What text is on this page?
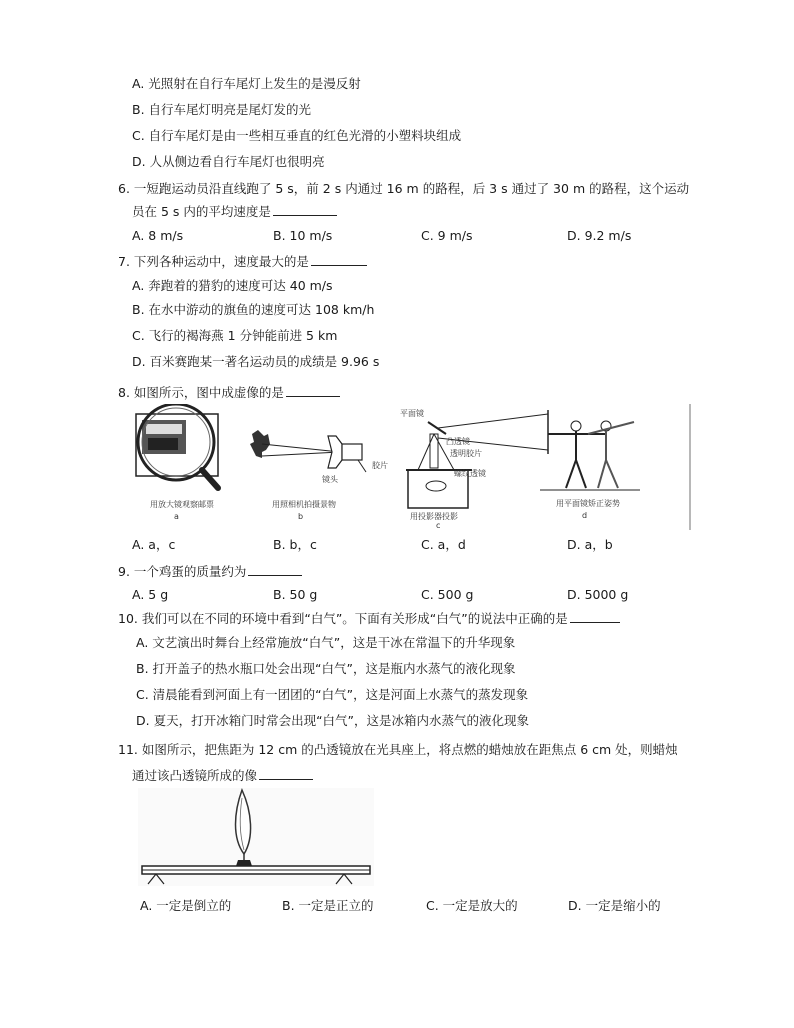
A. 光照射在自行车尾灯上发生的是漫反射
B. 自行车尾灯明亮是尾灯发的光
C. 自行车尾灯是由一些相互垂直的红色光滑的小塑料块组成
D. 人从侧边看自行车尾灯也很明亮
6. 一短跑运动员沿直线跑了 5 s，前 2 s 内通过 16 m 的路程，后 3 s 通过了 30 m 的路程，这个运动
员在 5 s 内的平均速度是
A. 8 m/s	B. 10 m/s	C. 9 m/s	D. 9.2 m/s
7. 下列各种运动中，速度最大的是
A. 奔跑着的猎豹的速度可达 40 m/s
B. 在水中游动的旗鱼的速度可达 108 km/h
C. 飞行的褐海燕 1 分钟能前进 5 km
D. 百米赛跑某一著名运动员的成绩是 9.96 s
8. 如图所示，图中成虚像的是
用放大镜观察邮票
a
镜头
胶片
用照相机拍摄景物
b
平面镜
凸透镜
透明胶片
螺纹透镜
用投影器投影
c
用平面镜矫正姿势
d
A. a，c	B. b，c	C. a，d	D. a，b
9. 一个鸡蛋的质量约为
A. 5 g	B. 50 g	C. 500 g	D. 5000 g
10. 我们可以在不同的环境中看到“白气”。下面有关形成“白气”的说法中正确的是
A. 文艺演出时舞台上经常施放“白气”，这是干冰在常温下的升华现象
B. 打开盖子的热水瓶口处会出现“白气”，这是瓶内水蒸气的液化现象
C. 清晨能看到河面上有一团团的“白气”，这是河面上水蒸气的蒸发现象
D. 夏天，打开冰箱门时常会出现“白气”，这是冰箱内水蒸气的液化现象
11. 如图所示，把焦距为 12 cm 的凸透镜放在光具座上，将点燃的蜡烛放在距焦点 6 cm 处，则蜡烛
通过该凸透镜所成的像
A. 一定是倒立的	B. 一定是正立的	C. 一定是放大的	D. 一定是缩小的
